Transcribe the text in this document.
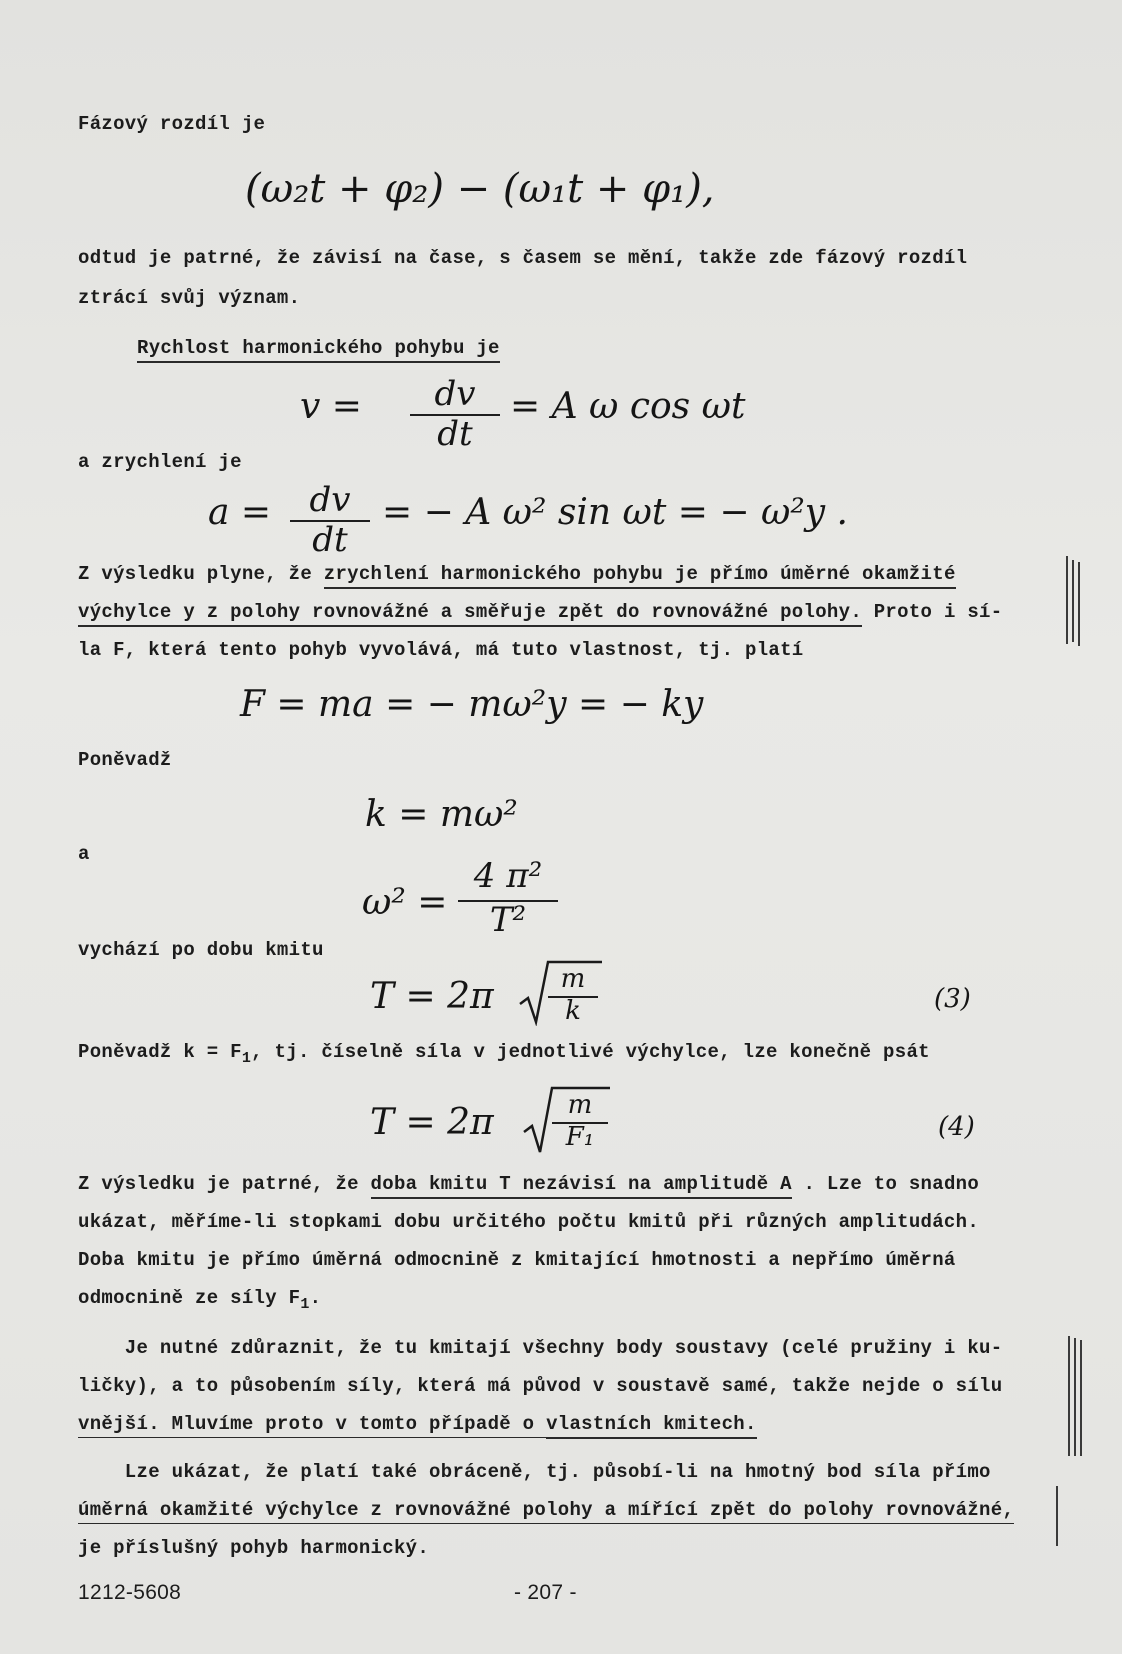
Fázový rozdíl je

(ω₂t + φ₂) − (ω₁t + φ₁),

odtud je patrné, že závisí na čase, s časem se mění, takže zde fázový rozdíl

ztrácí svůj význam.

Rychlost harmonického pohybu je

v =	dv
dt

= A ω cos ωt

a zrychlení je

a =	dv
dt

= − A ω² sin ωt = − ω²y .

Z výsledku plyne, že zrychlení harmonického pohybu je přímo úměrné okamžité

výchylce y z polohy rovnovážné a směřuje zpět do rovnovážné polohy. Proto i sí-

la F, která tento pohyb vyvolává, má tuto vlastnost, tj. platí

F = ma = − mω²y = − ky

Poněvadž

k = mω²

a

ω² =

4 π²
T²

vychází po dobu kmitu

T = 2π	m
k	(3)

Poněvadž $k = F_1$, tj. číselně síla v jednotlivé výchylce, lze konečně psát

T = 2π	m
F₁	(4)

Z výsledku je patrné, že doba kmitu T nezávisí na amplitudě A . Lze to snadno

ukázat, měříme-li stopkami dobu určitého počtu kmitů při různých amplitudách.

Doba kmitu je přímo úměrná odmocnině z kmitající hmotnosti a nepřímo úměrná

odmocnině ze síly $F_1$.

Je nutné zdůraznit, že tu kmitají všechny body soustavy (celé pružiny i ku-

ličky), a to působením síly, která má původ v soustavě samé, takže nejde o sílu

vnější. Mluvíme proto v tomto případě o vlastních kmitech.

Lze ukázat, že platí také obráceně, tj. působí-li na hmotný bod síla přímo

úměrná okamžité výchylce z rovnovážné polohy a mířící zpět do polohy rovnovážné,

je příslušný pohyb harmonický.

1212-5608	- 207 -
